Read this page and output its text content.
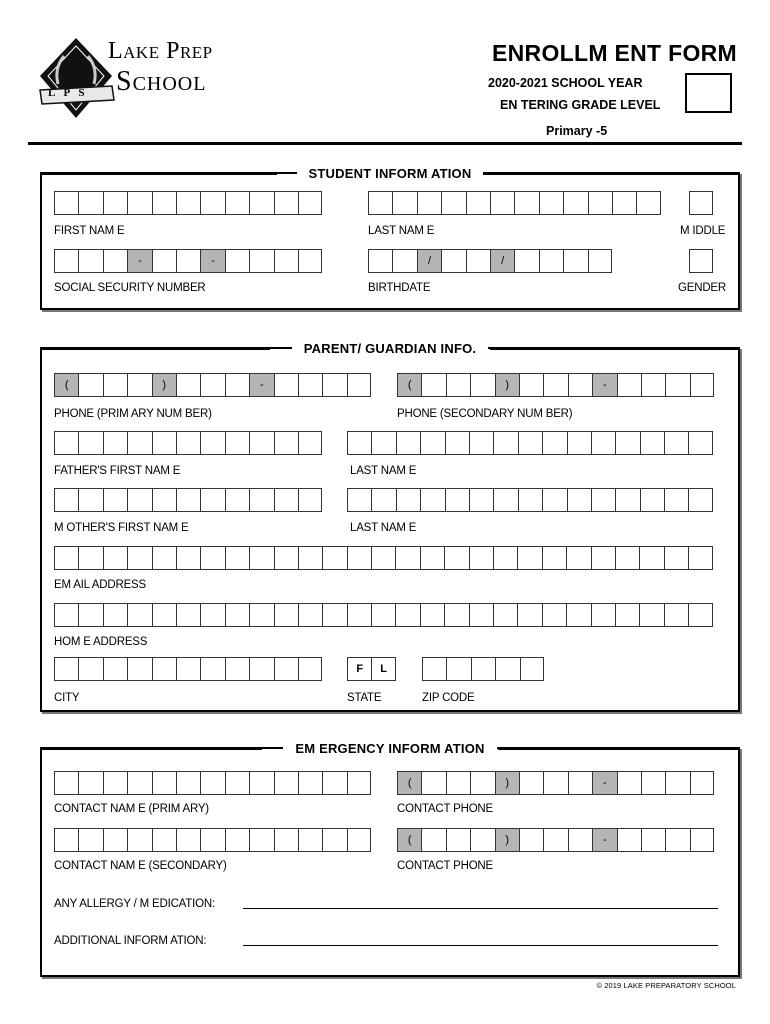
L P S
Lake Prep
School
ENROLLM ENT FORM
2020-2021 SCHOOL YEAR
EN TERING GRADE LEVEL
Primary -5
$^{STUDENT INFORM ATION}$
FIRST NAM E	LAST NAM E	M IDDLE
-	-	/	/
SOCIAL SECURITY NUMBER	BIRTHDATE	GENDER
$^{PARENT/ GUARDIAN INFO.}$
(	)	-	(	)	-
PHONE (PRIM ARY NUM BER)	PHONE (SECONDARY NUM BER)
FATHER'S FIRST NAM E	LAST NAM E
M OTHER'S FIRST NAM E	LAST NAM E
EM AIL ADDRESS
HOM E ADDRESS
F	L
CITY	STATE	ZIP CODE
$^{EM ERGENCY INFORM ATION}$
(	)	-
CONTACT NAM E (PRIM ARY)	CONTACT PHONE
(	)	-
CONTACT NAM E (SECONDARY)	CONTACT PHONE
ANY ALLERGY / M EDICATION:
ADDITIONAL INFORM ATION:
© 2019 LAKE PREPARATORY SCHOOL
